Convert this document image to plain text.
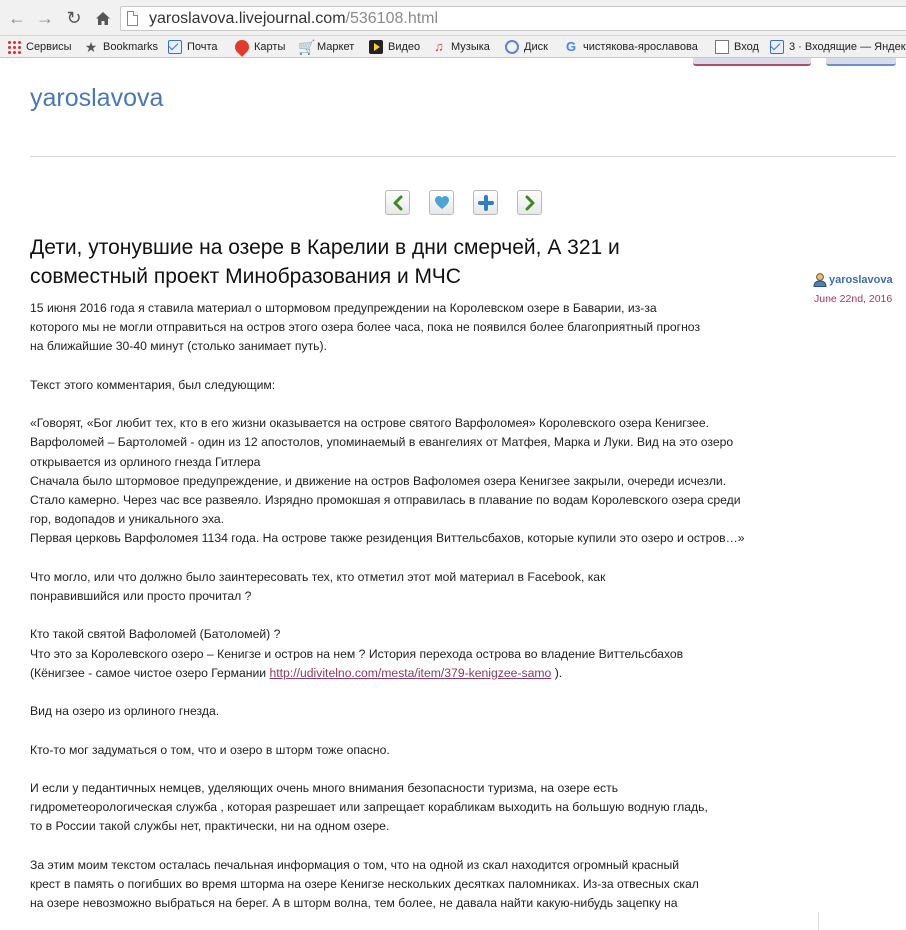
← → ↻	yaroslavova.livejournal.com/536108.html
Сервисы ★ Bookmarks	Почта	Карты 🛒 Маркет	Видео ♫ Музыка	Диск G чистякова-ярославова	Вход	3 · Входящие — Яндек
yaroslavova
Дети, утонувшие на озере в Карелии в дни смерчей, А 321 и
совместный проект Минобразования и МЧС	yaroslavova
June 22nd, 2016

15 июня 2016 года я ставила материал о штормовом предупреждении на Королевском озере в Баварии, из-за

которого мы не могли отправиться на остров этого озера более часа, пока не появился более благоприятный прогноз

на ближайшие 30-40 минут (столько занимает путь).

Текст этого комментария, был следующим:

«Говорят, «Бог любит тех, кто в его жизни оказывается на острове святого Варфоломея» Королевского озера Кенигзее.

Варфоломей – Бартоломей - один из 12 апостолов, упоминаемый в евангелиях от Матфея, Марка и Луки. Вид на это озеро

открывается из орлиного гнезда Гитлера

Сначала было штормовое предупреждение, и движение на остров Вафоломея озера Кенигзее закрыли, очереди исчезли.

Стало камерно. Через час все развеяло. Изрядно промокшая я отправилась в плавание по водам Королевского озера среди

гор, водопадов и уникального эха.

Первая церковь Варфоломея 1134 года. На острове также резиденция Виттельсбахов, которые купили это озеро и остров…»

Что могло, или что должно было заинтересовать тех, кто отметил этот мой материал в Facebook, как

понравившийся или просто прочитал ?

Кто такой святой Вафоломей (Батоломей) ?

Что это за Королевского озеро – Кенигзе и остров на нем ? История перехода острова во владение Виттельсбахов

(Кёнигзее - самое чистое озеро Германии http://udivitelno.com/mesta/item/379-kenigzee-samo ).

Вид на озеро из орлиного гнезда.

Кто-то мог задуматься о том, что и озеро в шторм тоже опасно.

И если у педантичных немцев, уделяющих очень много внимания безопасности туризма, на озере есть

гидрометеорологическая служба , которая разрешает или запрещает корабликам выходить на большую водную гладь,

то в России такой службы нет, практически, ни на одном озере.

За этим моим текстом осталась печальная информация о том, что на одной из скал находится огромный красный

крест в память о погибших во время шторма на озере Кенигзе нескольких десятках паломниках. Из-за отвесных скал

на озере невозможно выбраться на берег. А в шторм волна, тем более, не давала найти какую-нибудь зацепку на
